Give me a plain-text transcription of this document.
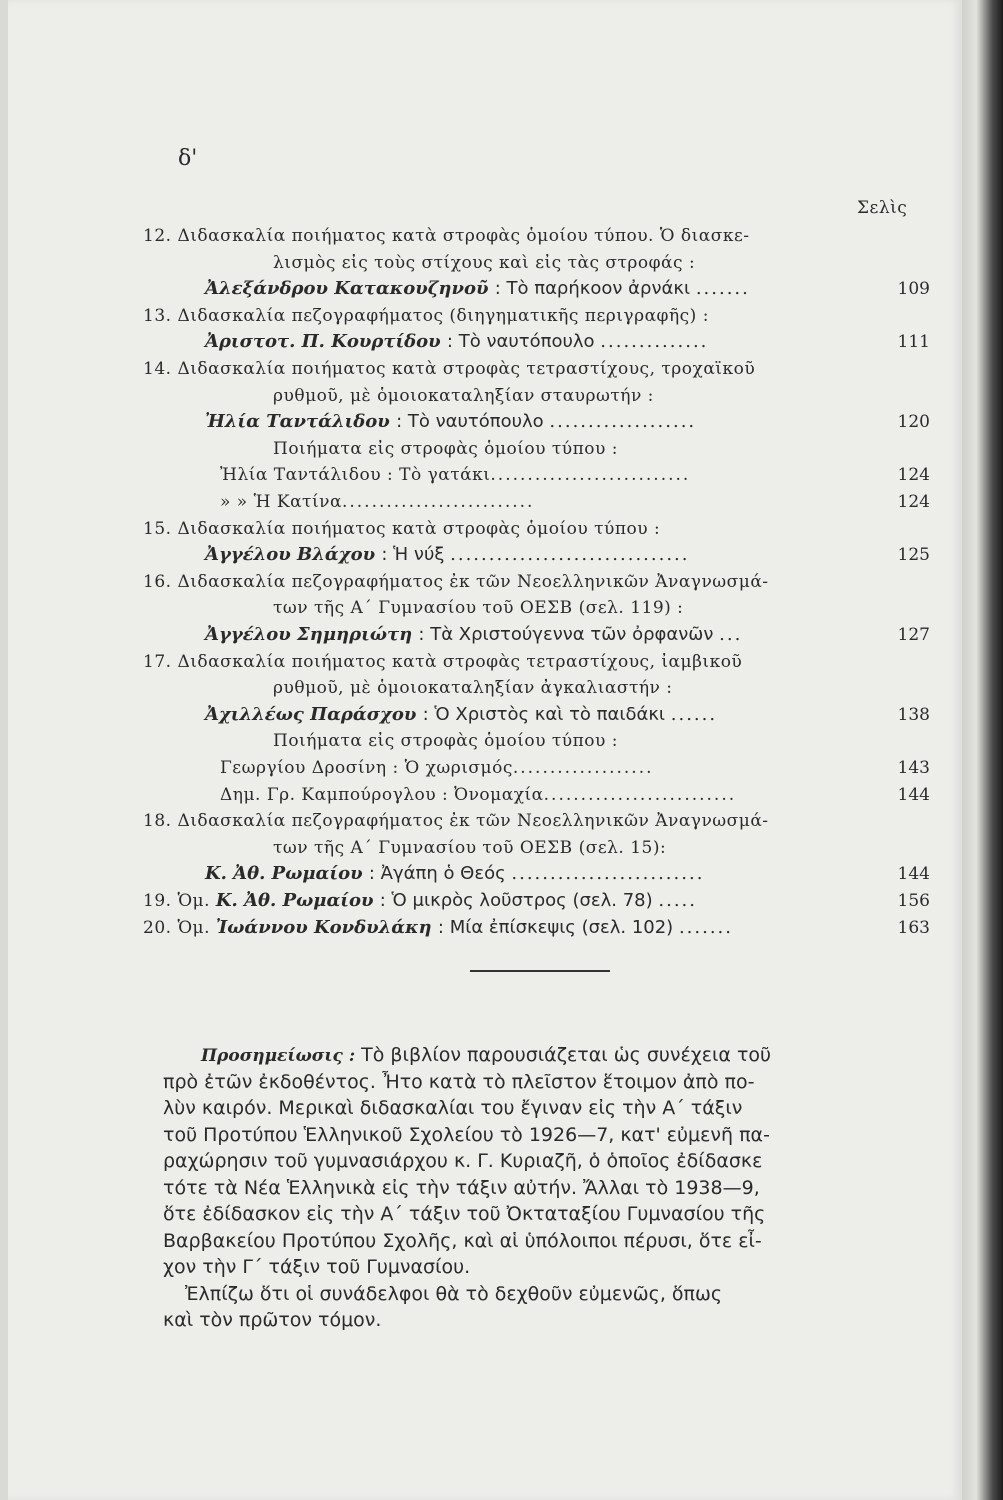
δ'
Σελὶς
12. Διδασκαλία ποιήματος κατὰ στροφὰς ὁμοίου τύπου. Ὁ διασκε-
λισμὸς εἰς τοὺς στίχους καὶ εἰς τὰς στροφάς :
Ἀλεξάνδρου Κατακουζηνοῦ : Τὸ παρήκοον ἀρνάκι .......	109
13. Διδασκαλία πεζογραφήματος (διηγηματικῆς περιγραφῆς) :
Ἀριστοτ. Π. Κουρτίδου : Τὸ ναυτόπουλο ..............	111
14. Διδασκαλία ποιήματος κατὰ στροφὰς τετραστίχους, τροχαϊκοῦ
ρυθμοῦ, μὲ ὁμοιοκαταληξίαν σταυρωτήν :
Ἠλία Ταντάλιδου : Τὸ ναυτόπουλο ...................	120
Ποιήματα εἰς στροφὰς ὁμοίου τύπου :
Ἠλία Ταντάλιδου : Τὸ γατάκι...........................	124
» » Ἡ Κατίνα..........................	124
15. Διδασκαλία ποιήματος κατὰ στροφὰς ὁμοίου τύπου :
Ἀγγέλου Βλάχου : Ἡ νύξ ...............................	125
16. Διδασκαλία πεζογραφήματος ἐκ τῶν Νεοελληνικῶν Ἀναγνωσμά-
των τῆς Α΄ Γυμνασίου τοῦ ΟΕΣΒ (σελ. 119) :
Ἀγγέλου Σημηριώτη : Τὰ Χριστούγεννα τῶν ὀρφανῶν ...	127
17. Διδασκαλία ποιήματος κατὰ στροφὰς τετραστίχους, ἰαμβικοῦ
ρυθμοῦ, μὲ ὁμοιοκαταληξίαν ἀγκαλιαστήν :
Ἀχιλλέως Παράσχου : Ὁ Χριστὸς καὶ τὸ παιδάκι ......	138
Ποιήματα εἰς στροφὰς ὁμοίου τύπου :
Γεωργίου Δροσίνη : Ὁ χωρισμός...................	143
Δημ. Γρ. Καμπούρογλου : Ὀνομαχία..........................	144
18. Διδασκαλία πεζογραφήματος ἐκ τῶν Νεοελληνικῶν Ἀναγνωσμά-
των τῆς Α΄ Γυμνασίου τοῦ ΟΕΣΒ (σελ. 15):
Κ. Ἀθ. Ρωμαίου : Ἀγάπη ὁ Θεός .........................	144
19. Ὁμ. Κ. Ἀθ. Ρωμαίου : Ὁ μικρὸς λοῦστρος (σελ. 78) .....	156
20. Ὁμ. Ἰωάννου Κονδυλάκη : Μία ἐπίσκεψις (σελ. 102) .......	163
Προσημείωσις : Τὸ βιβλίον παρουσιάζεται ὡς συνέχεια τοῦ
πρὸ ἐτῶν ἐκδοθέντος. Ἦτο κατὰ τὸ πλεῖστον ἕτοιμον ἀπὸ πο-
λὺν καιρόν. Μερικαὶ διδασκαλίαι του ἔγιναν εἰς τὴν Α΄ τάξιν
τοῦ Προτύπου Ἑλληνικοῦ Σχολείου τὸ 1926—7, κατ' εὐμενῆ πα-
ραχώρησιν τοῦ γυμνασιάρχου κ. Γ. Κυριαζῆ, ὁ ὁποῖος ἐδίδασκε
τότε τὰ Νέα Ἑλληνικὰ εἰς τὴν τάξιν αὐτήν. Ἄλλαι τὸ 1938—9,
ὅτε ἐδίδασκον εἰς τὴν Α΄ τάξιν τοῦ Ὀκταταξίου Γυμνασίου τῆς
Βαρβακείου Προτύπου Σχολῆς, καὶ αἱ ὑπόλοιποι πέρυσι, ὅτε εἶ-
χον τὴν Γ΄ τάξιν τοῦ Γυμνασίου.
Ἐλπίζω ὅτι οἱ συνάδελφοι θὰ τὸ δεχθοῦν εὐμενῶς, ὅπως
καὶ τὸν πρῶτον τόμον.
